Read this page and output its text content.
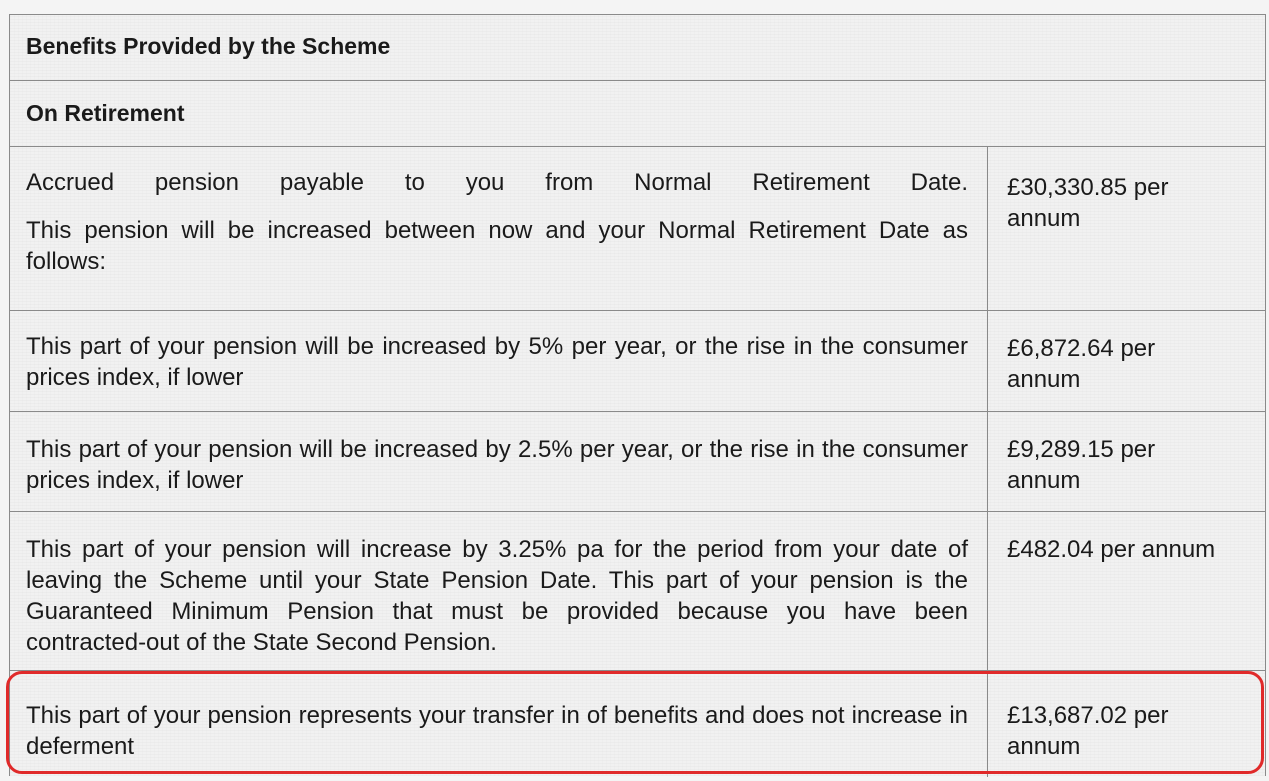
Benefits Provided by the Scheme
On Retirement

Accrued pension payable to you from Normal Retirement Date.

This pension will be increased between now and your Normal Retirement Date as follows:

£30,330.85 per annum
This part of your pension will be increased by 5% per year, or the rise in the consumer prices index, if lower
£6,872.64 per annum
This part of your pension will be increased by 2.5% per year, or the rise in the consumer prices index, if lower
£9,289.15 per annum
This part of your pension will increase by 3.25% pa for the period from your date of leaving the Scheme until your State Pension Date. This part of your pension is the Guaranteed Minimum Pension that must be provided because you have been contracted-out of the State Second Pension.
£482.04 per annum
This part of your pension represents your transfer in of benefits and does not increase in deferment
£13,687.02 per annum
